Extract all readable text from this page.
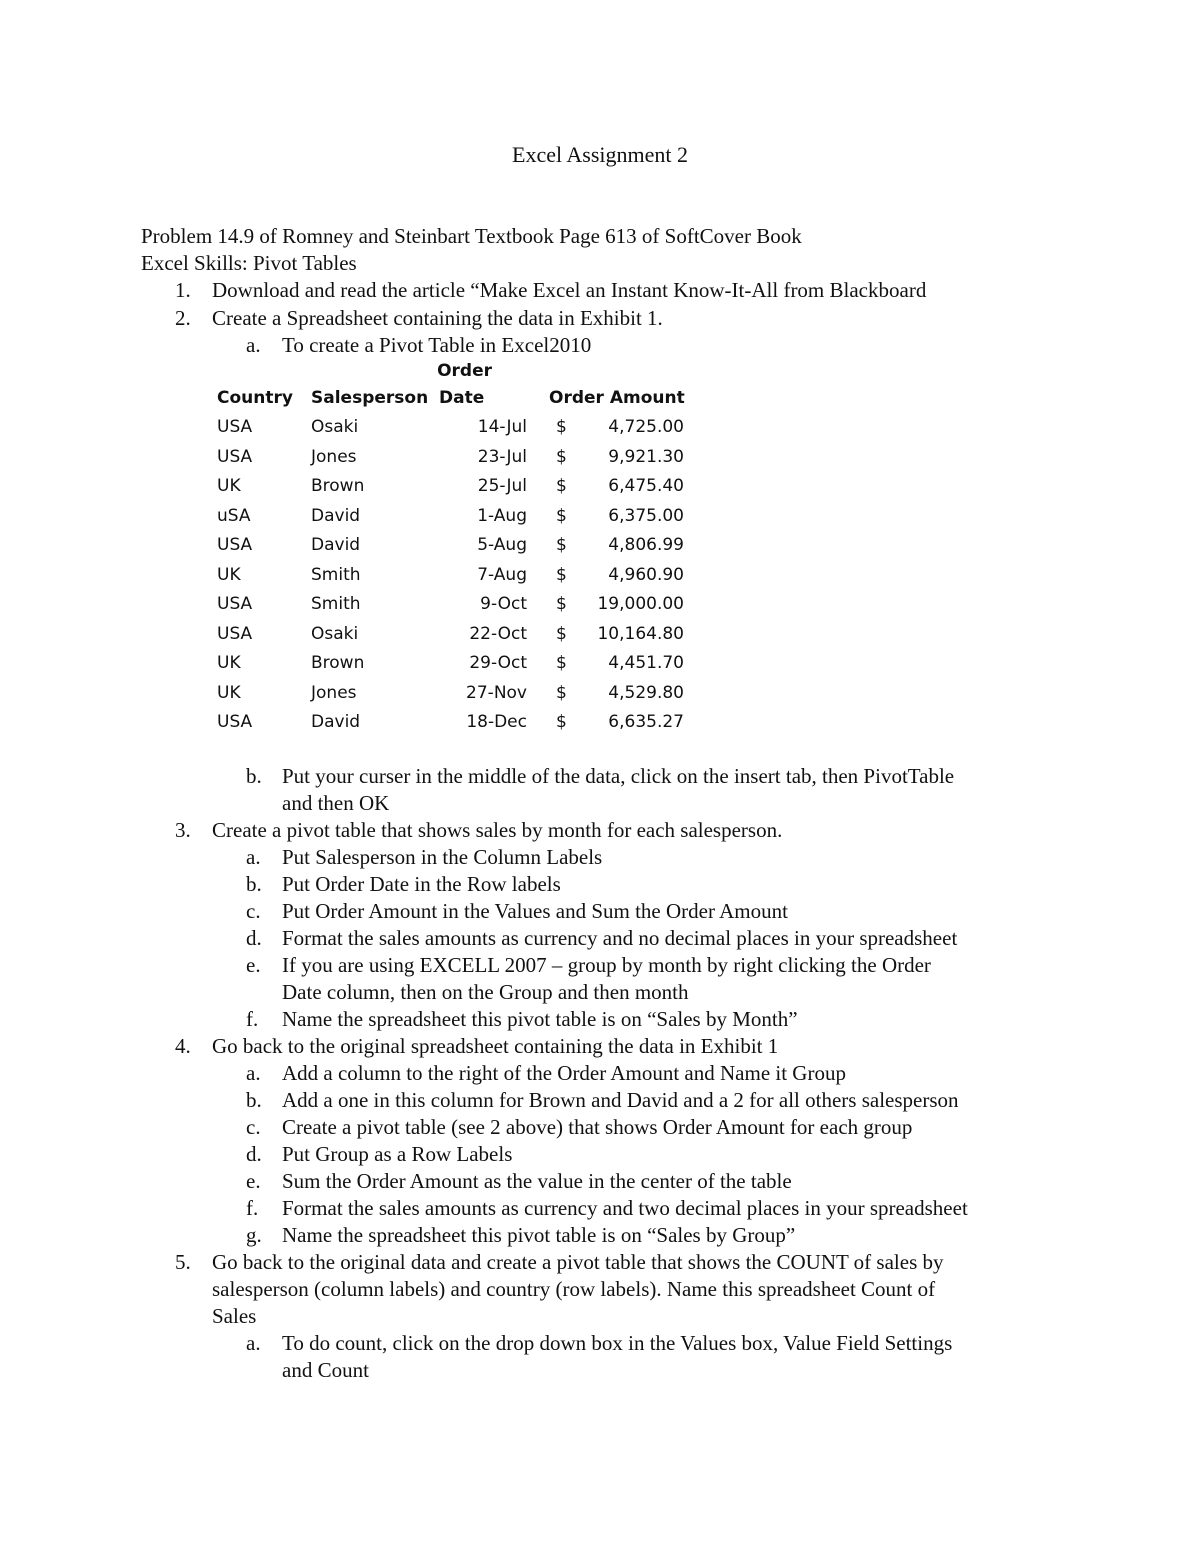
Excel Assignment 2
Problem 14.9 of Romney and Steinbart Textbook Page 613 of SoftCover Book
Excel Skills: Pivot Tables
1. Download and read the article “Make Excel an Instant Know-It-All from Blackboard
2. Create a Spreadsheet containing the data in Exhibit 1.
a. To create a Pivot Table in Excel2010
Order
Country Salesperson Date	Order Amount
USA	Osaki	14-Jul $ 4,725.00
USA	Jones	23-Jul $ 9,921.30
UK	Brown	25-Jul $ 6,475.40
uSA	David	1-Aug $ 6,375.00
USA	David	5-Aug $ 4,806.99
UK	Smith	7-Aug $ 4,960.90
USA	Smith	9-Oct $ 19,000.00
USA	Osaki	22-Oct $ 10,164.80
UK	Brown	29-Oct $ 4,451.70
UK	Jones	27-Nov $ 4,529.80
USA	David	18-Dec $ 6,635.27
b. Put your curser in the middle of the data, click on the insert tab, then PivotTable
and then OK
3. Create a pivot table that shows sales by month for each salesperson.
a. Put Salesperson in the Column Labels
b. Put Order Date in the Row labels
c. Put Order Amount in the Values and Sum the Order Amount
d. Format the sales amounts as currency and no decimal places in your spreadsheet
e. If you are using EXCELL 2007 – group by month by right clicking the Order
Date column, then on the Group and then month
f. Name the spreadsheet this pivot table is on “Sales by Month”
4. Go back to the original spreadsheet containing the data in Exhibit 1
a. Add a column to the right of the Order Amount and Name it Group
b. Add a one in this column for Brown and David and a 2 for all others salesperson
c. Create a pivot table (see 2 above) that shows Order Amount for each group
d. Put Group as a Row Labels
e. Sum the Order Amount as the value in the center of the table
f. Format the sales amounts as currency and two decimal places in your spreadsheet
g. Name the spreadsheet this pivot table is on “Sales by Group”
5. Go back to the original data and create a pivot table that shows the COUNT of sales by
salesperson (column labels) and country (row labels). Name this spreadsheet Count of
Sales
a. To do count, click on the drop down box in the Values box, Value Field Settings
and Count
